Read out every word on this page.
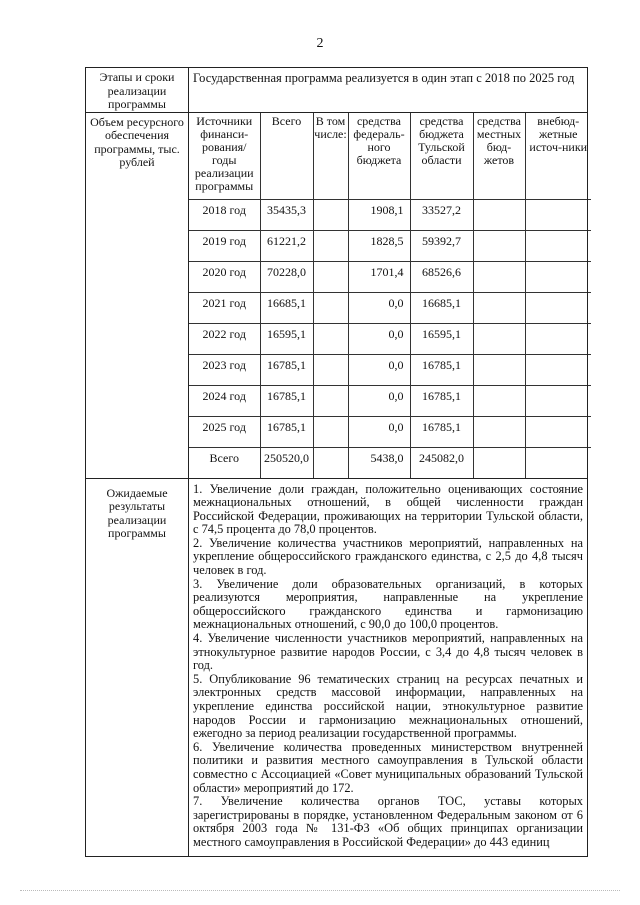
2
Этапы и сроки реализации программы	Государственная программа реализуется в один этап с 2018 по 2025 год
Объем ресурсного обеспечения программы, тыс. рублей	
Источники финанси-рования/ годы реализации программы	Всего	В том числе:	средства федераль-ного бюджета	средства бюджета Тульской области	средства местных бюд-жетов	внебюд-жетные источ-ники
2018 год	35435,3		1908,1	33527,2		
2019 год	61221,2		1828,5	59392,7		
2020 год	70228,0		1701,4	68526,6		
2021 год	16685,1		0,0	16685,1		
2022 год	16595,1		0,0	16595,1		
2023 год	16785,1		0,0	16785,1		
2024 год	16785,1		0,0	16785,1		
2025 год	16785,1		0,0	16785,1		
Всего	250520,0		5438,0	245082,0		

Ожидаемые результаты реализации программы	

1. Увеличение доли граждан, положительно оценивающих состояние межнациональных отношений, в общей численности граждан Российской Федерации, проживающих на территории Тульской области, с 74,5 процента до 78,0 процентов.

2. Увеличение количества участников мероприятий, направленных на укрепление общероссийского гражданского единства, с 2,5 до 4,8 тысяч человек в год.

3. Увеличение доли образовательных организаций, в которых реализуются мероприятия, направленные на укрепление общероссийского гражданского единства и гармонизацию межнациональных отношений, с 90,0 до 100,0 процентов.

4. Увеличение численности участников мероприятий, направленных на этнокультурное развитие народов России, с 3,4 до 4,8 тысяч человек в год.

5. Опубликование 96 тематических страниц на ресурсах печатных и электронных средств массовой информации, направленных на укрепление единства российской нации, этнокультурное развитие народов России и гармонизацию межнациональных отношений, ежегодно за период реализации государственной программы.

6. Увеличение количества проведенных министерством внутренней политики и развития местного самоуправления в Тульской области совместно с Ассоциацией «Совет муниципальных образований Тульской области» мероприятий до 172.

7. Увеличение количества органов ТОС, уставы которых зарегистрированы в порядке, установленном Федеральным законом от 6 октября 2003 года № 131-ФЗ «Об общих принципах организации местного самоуправления в Российской Федерации» до 443 единиц
